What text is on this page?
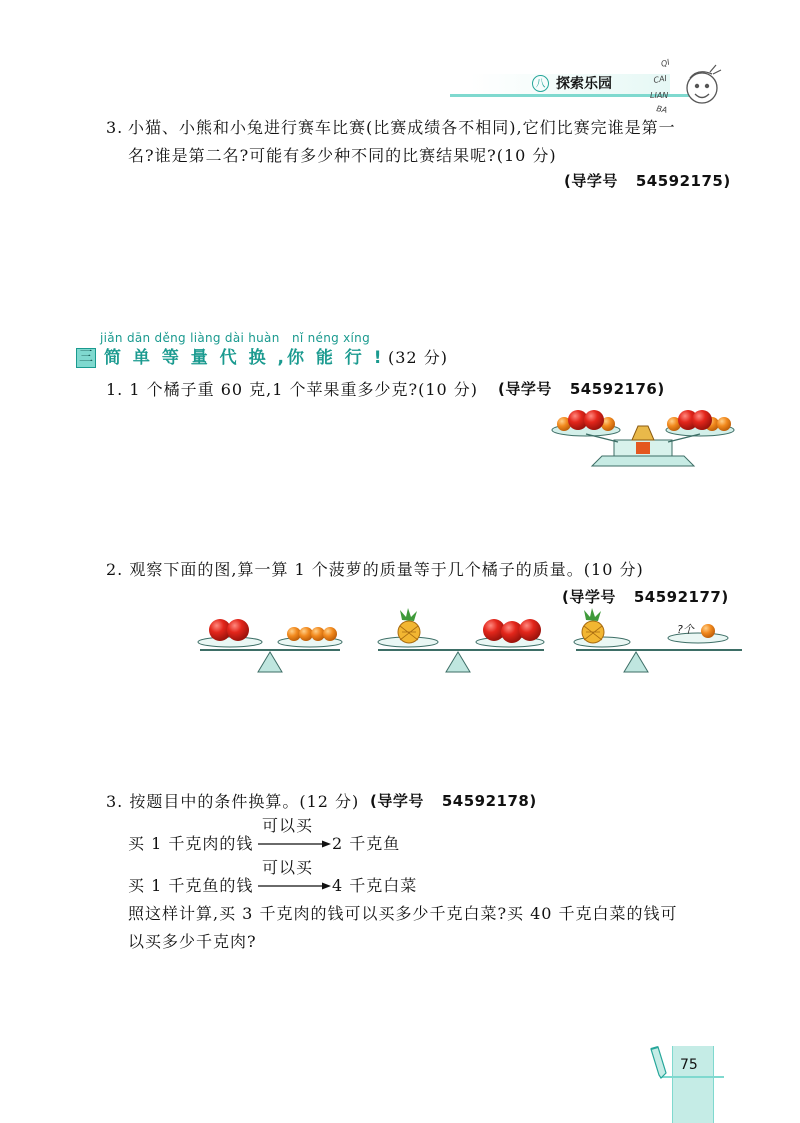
八 探索乐园
QI
CAI
LIAN
BA
3. 小猫、小熊和小兔进行赛车比赛(比赛成绩各不相同),它们比赛完谁是第一
名?谁是第二名?可能有多少种不同的比赛结果呢?(10 分)
(导学号 54592175)
jiǎn dān děng liàng dài huàn   nǐ néng xíng
三 简 单 等 量 代 换 ,你 能 行 ! (32 分)
1. 1 个橘子重 60 克,1 个苹果重多少克?(10 分) (导学号 54592176)
2. 观察下面的图,算一算 1 个菠萝的质量等于几个橘子的质量。(10 分)
(导学号 54592177)
?个
3. 按题目中的条件换算。(12 分) (导学号 54592178)
买 1 千克肉的钱
可以买
2 千克鱼
买 1 千克鱼的钱
可以买
4 千克白菜
照这样计算,买 3 千克肉的钱可以买多少千克白菜?买 40 千克白菜的钱可
以买多少千克肉?
75
